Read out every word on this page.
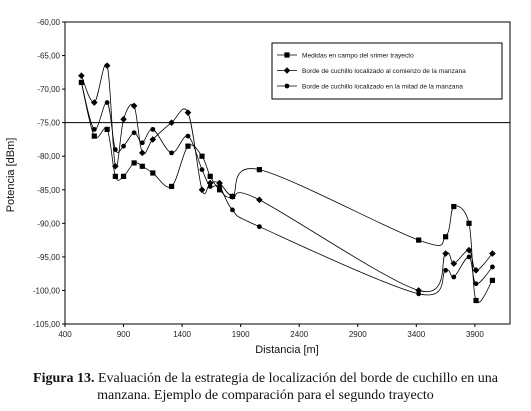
-105,00
-100,00
-95,00
-90,00
-85,00
-80,00
-75,00
-70,00
-65,00
-60,00
400	900	1400	1900	2400	2900	3400	3900
Potencia [dBm]
Distancia [m]
Medidas en campo del srimer trayecto
Borde de cuchillo localizado al comienzo de la manzana
Borde de cuchillo localizado en la mitad de la manzana
Figura 13. Evaluación de la estrategia de localización del borde de cuchillo en una manzana. Ejemplo de comparación para el segundo trayecto
